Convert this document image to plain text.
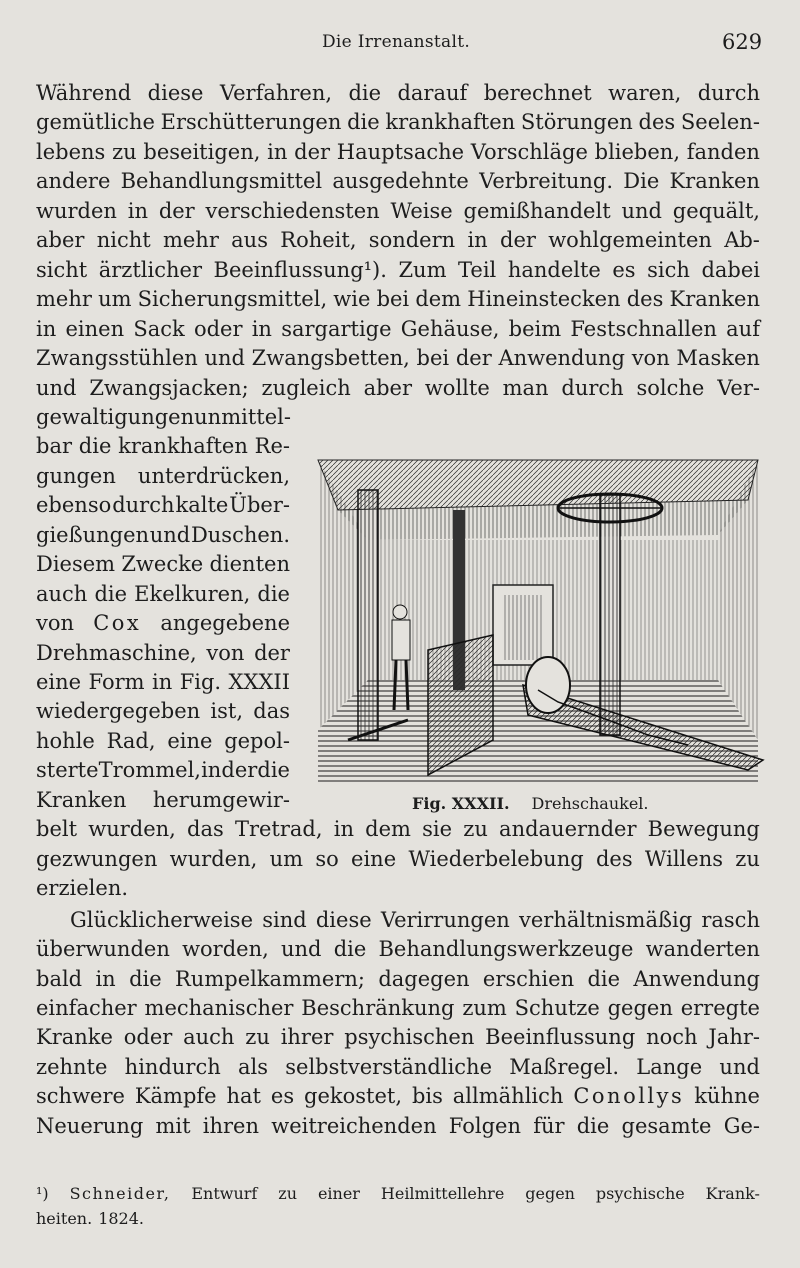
Die Irrenanstalt.	629
Während diese Verfahren, die darauf berechnet waren, durch
gemütliche Erschütterungen die krankhaften Störungen des Seelen-
lebens zu beseitigen, in der Hauptsache Vorschläge blieben, fanden
andere Behandlungsmittel ausgedehnte Verbreitung. Die Kranken
wurden in der verschiedensten Weise gemißhandelt und gequält,
aber nicht mehr aus Roheit, sondern in der wohlgemeinten Ab-
sicht ärztlicher Beeinflussung¹). Zum Teil handelte es sich dabei
mehr um Sicherungsmittel, wie bei dem Hineinstecken des Kranken
in einen Sack oder in sargartige Gehäuse, beim Festschnallen auf
Zwangsstühlen und Zwangsbetten, bei der Anwendung von Masken
und Zwangsjacken; zugleich aber wollte man durch solche Ver-
gewaltigungen unmittel-
bar die krankhaften Re-
gungen unterdrücken,
ebenso durch kalte Über-
gießungen und Duschen.
Diesem Zwecke dienten
auch die Ekelkuren, die
von Cox angegebene
Drehmaschine, von der
eine Form in Fig. XXXII
wiedergegeben ist, das
hohle Rad, eine gepol-
sterte Trommel, in der die
Kranken herumgewir-
belt wurden, das Tretrad, in dem sie zu andauernder Bewegung
gezwungen wurden, um so eine Wiederbelebung des Willens zu
erzielen.
Glücklicherweise sind diese Verirrungen verhältnismäßig rasch
überwunden worden, und die Behandlungswerkzeuge wanderten
bald in die Rumpelkammern; dagegen erschien die Anwendung
einfacher mechanischer Beschränkung zum Schutze gegen erregte
Kranke oder auch zu ihrer psychischen Beeinflussung noch Jahr-
zehnte hindurch als selbstverständliche Maßregel. Lange und
schwere Kämpfe hat es gekostet, bis allmählich Conollys kühne
Neuerung mit ihren weitreichenden Folgen für die gesamte Ge-
Fig. XXXII. Drehschaukel.
¹) Schneider, Entwurf zu einer Heilmittellehre gegen psychische Krank-
heiten. 1824.
